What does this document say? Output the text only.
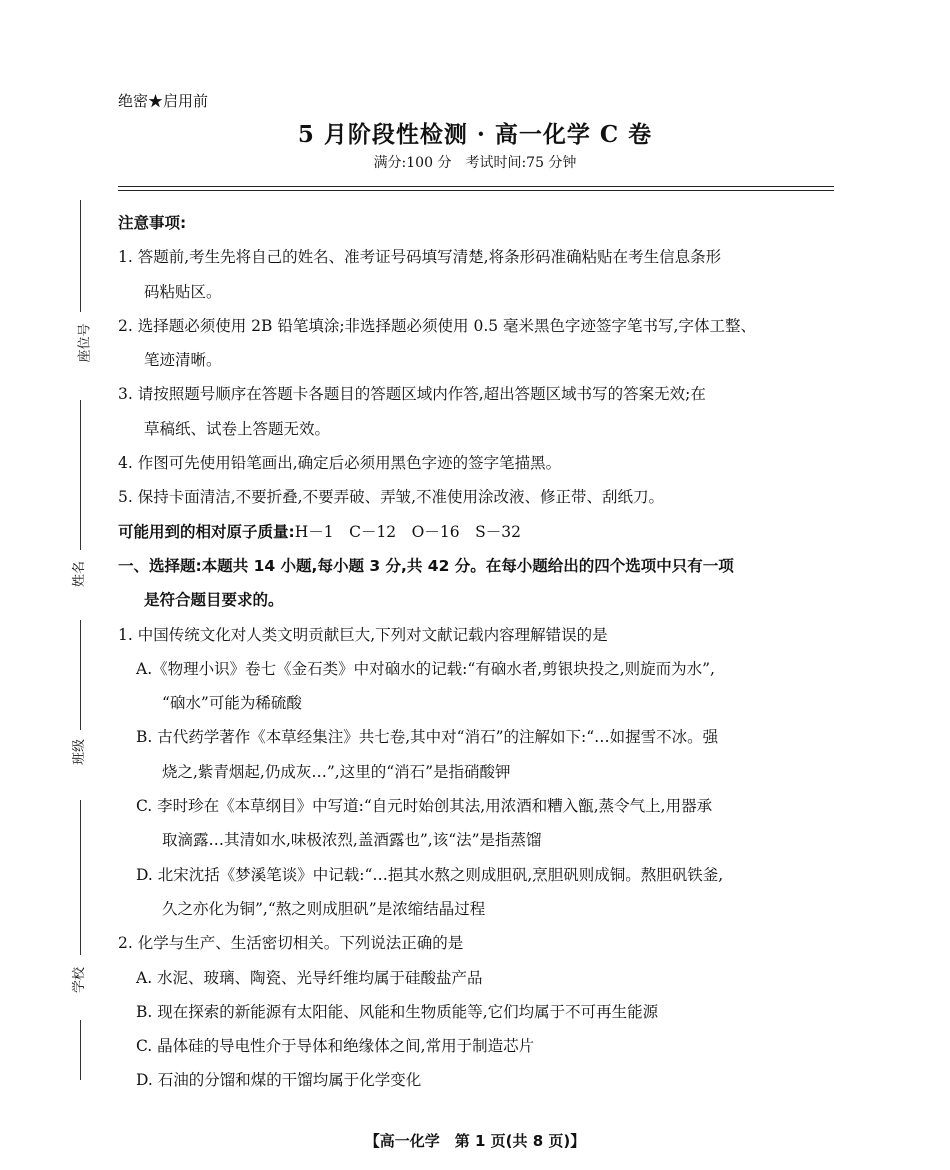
绝密★启用前
5 月阶段性检测 · 高一化学 C 卷
满分:100 分　考试时间:75 分钟
座位号
姓名
班级
学校
注意事项:
1. 答题前,考生先将自己的姓名、准考证号码填写清楚,将条形码准确粘贴在考生信息条形
码粘贴区。
2. 选择题必须使用 2B 铅笔填涂;非选择题必须使用 0.5 毫米黑色字迹签字笔书写,字体工整、
笔迹清晰。
3. 请按照题号顺序在答题卡各题目的答题区域内作答,超出答题区域书写的答案无效;在
草稿纸、试卷上答题无效。
4. 作图可先使用铅笔画出,确定后必须用黑色字迹的签字笔描黑。
5. 保持卡面清洁,不要折叠,不要弄破、弄皱,不准使用涂改液、修正带、刮纸刀。
可能用到的相对原子质量:H－1　C－12　O－16　S－32
一、选择题:本题共 14 小题,每小题 3 分,共 42 分。在每小题给出的四个选项中只有一项
是符合题目要求的。
1. 中国传统文化对人类文明贡献巨大,下列对文献记载内容理解错误的是
A.《物理小识》卷七《金石类》中对硇水的记载:“有硇水者,剪银块投之,则旋而为水”,
“硇水”可能为稀硫酸
B. 古代药学著作《本草经集注》共七卷,其中对“消石”的注解如下:“…如握雪不冰。强
烧之,紫青烟起,仍成灰…”,这里的“消石”是指硝酸钾
C. 李时珍在《本草纲目》中写道:“自元时始创其法,用浓酒和糟入甑,蒸令气上,用器承
取滴露…其清如水,味极浓烈,盖酒露也”,该“法”是指蒸馏
D. 北宋沈括《梦溪笔谈》中记载:“…挹其水熬之则成胆矾,烹胆矾则成铜。熬胆矾铁釜,
久之亦化为铜”,“熬之则成胆矾”是浓缩结晶过程
2. 化学与生产、生活密切相关。下列说法正确的是
A. 水泥、玻璃、陶瓷、光导纤维均属于硅酸盐产品
B. 现在探索的新能源有太阳能、风能和生物质能等,它们均属于不可再生能源
C. 晶体硅的导电性介于导体和绝缘体之间,常用于制造芯片
D. 石油的分馏和煤的干馏均属于化学变化
【高一化学　第 1 页(共 8 页)】
